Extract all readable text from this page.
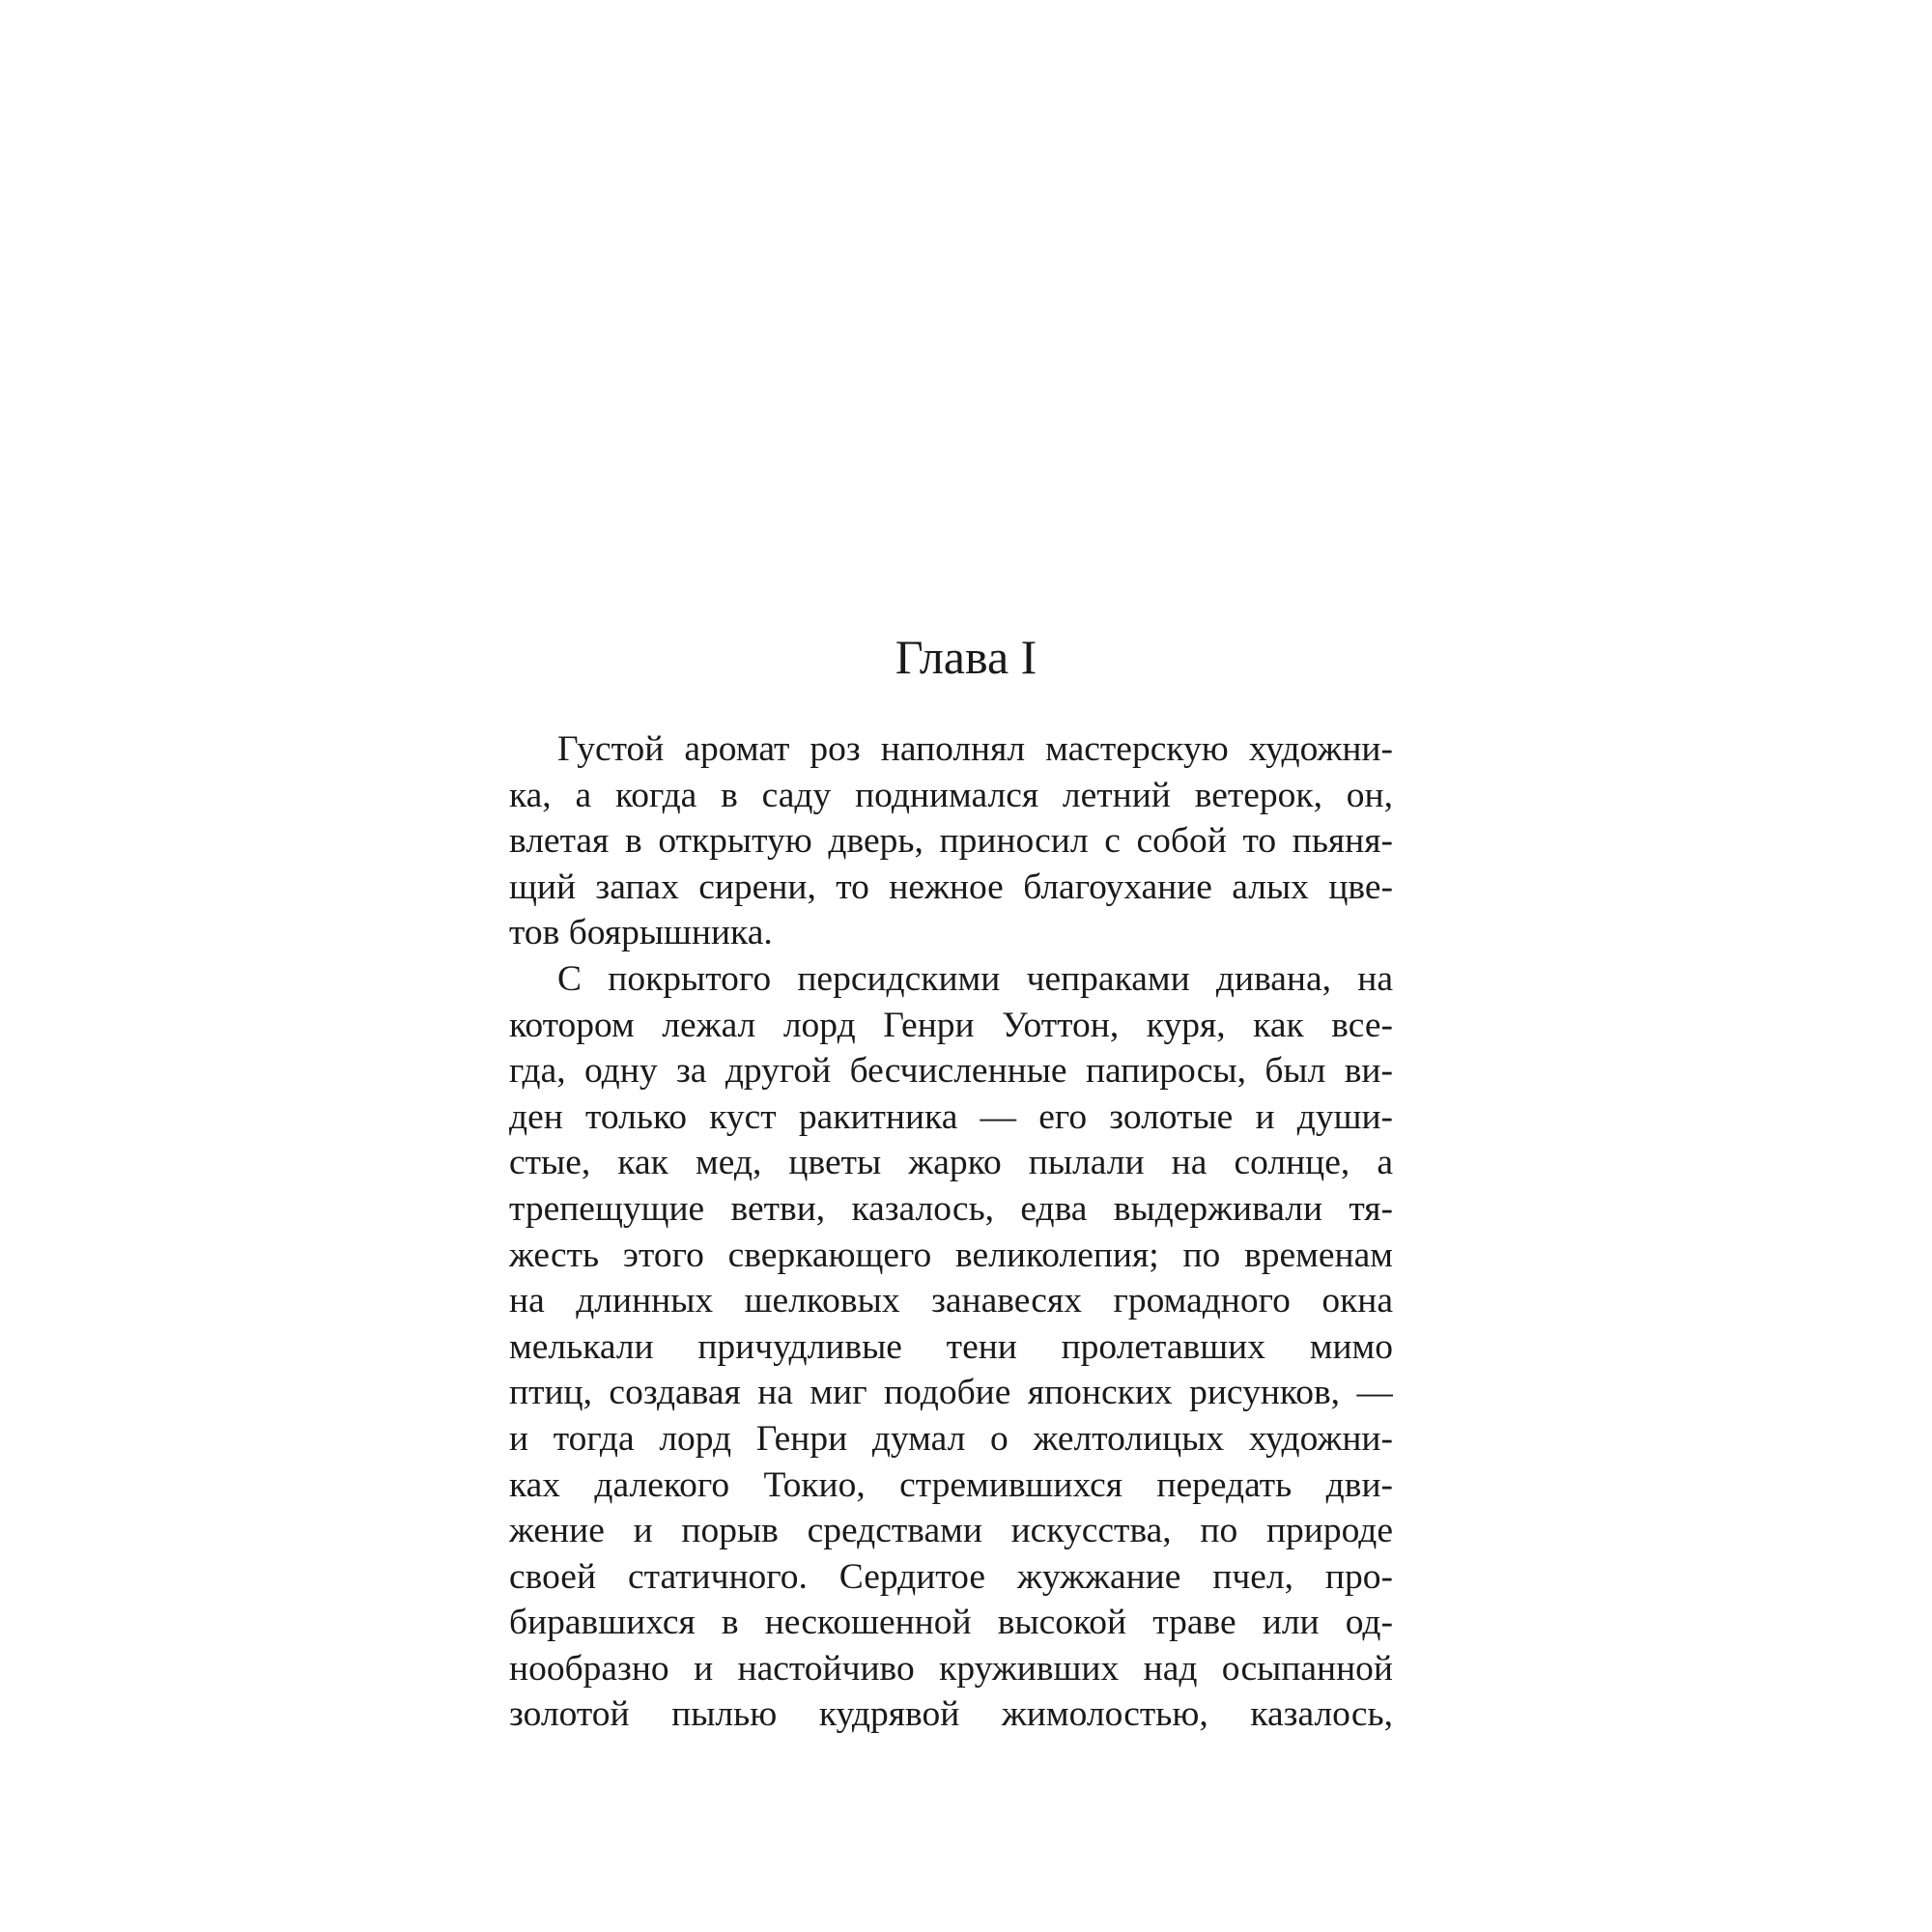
Глава I
Густой аромат роз наполнял мастерскую художни-
ка, а когда в саду поднимался летний ветерок, он,
влетая в открытую дверь, приносил с собой то пьяня-
щий запах сирени, то нежное благоухание алых цве-
тов боярышника.
С покрытого персидскими чепраками дивана, на
котором лежал лорд Генри Уоттон, куря, как все-
гда, одну за другой бесчисленные папиросы, был ви-
ден только куст ракитника — его золотые и души-
стые, как мед, цветы жарко пылали на солнце, а
трепещущие ветви, казалось, едва выдерживали тя-
жесть этого сверкающего великолепия; по временам
на длинных шелковых занавесях громадного окна
мелькали причудливые тени пролетавших мимо
птиц, создавая на миг подобие японских рисунков, —
и тогда лорд Генри думал о желтолицых художни-
ках далекого Токио, стремившихся передать дви-
жение и порыв средствами искусства, по природе
своей статичного. Сердитое жужжание пчел, про-
биравшихся в нескошенной высокой траве или од-
нообразно и настойчиво круживших над осыпанной
золотой пылью кудрявой жимолостью, казалось,
